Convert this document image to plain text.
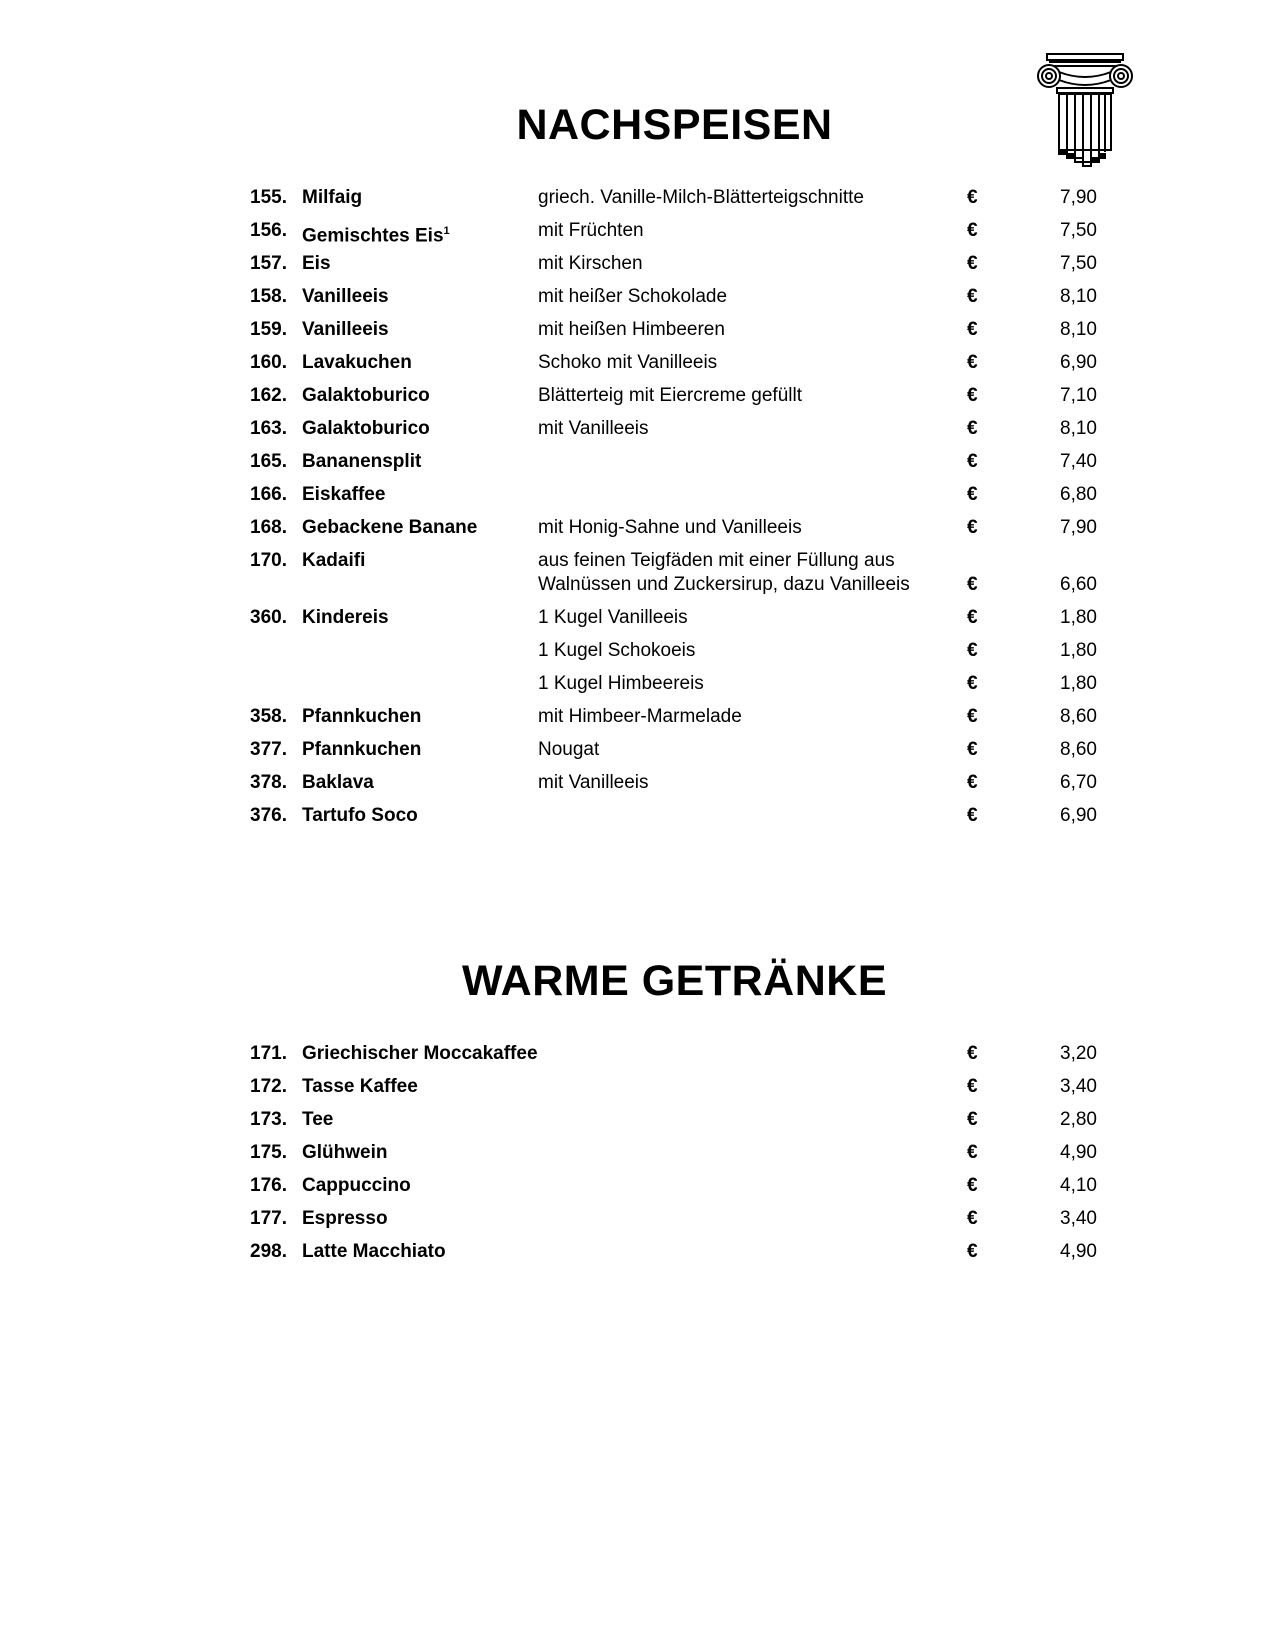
NACHSPEISEN
155. Milfaig	griech. Vanille-Milch-Blätterteigschnitte	€	7,90
156. Gemischtes Eis$^1$	mit Früchten	€	7,50
157. Eis	mit Kirschen	€	7,50
158. Vanilleeis	mit heißer Schokolade	€	8,10
159. Vanilleeis	mit heißen Himbeeren	€	8,10
160. Lavakuchen	Schoko mit Vanilleeis	€	6,90
162. Galaktoburico	Blätterteig mit Eiercreme gefüllt	€	7,10
163. Galaktoburico	mit Vanilleeis	€	8,10
165. Bananensplit	€	7,40
166. Eiskaffee	€	6,80
168. Gebackene Banane	mit Honig-Sahne und Vanilleeis	€	7,90
170. Kadaifi	aus feinen Teigfäden mit einer Füllung aus Walnüssen und Zuckersirup, dazu Vanilleeis	€	6,60
360. Kindereis	1 Kugel Vanilleeis	€	1,80
1 Kugel Schokoeis	€	1,80
1 Kugel Himbeereis	€	1,80
358. Pfannkuchen	mit Himbeer-Marmelade	€	8,60
377. Pfannkuchen	Nougat	€	8,60
378. Baklava	mit Vanilleeis	€	6,70
376. Tartufo Soco	€	6,90
WARME GETRÄNKE
171. Griechischer Moccakaffee	€	3,20
172. Tasse Kaffee	€	3,40
173. Tee	€	2,80
175. Glühwein	€	4,90
176. Cappuccino	€	4,10
177. Espresso	€	3,40
298. Latte Macchiato	€	4,90
